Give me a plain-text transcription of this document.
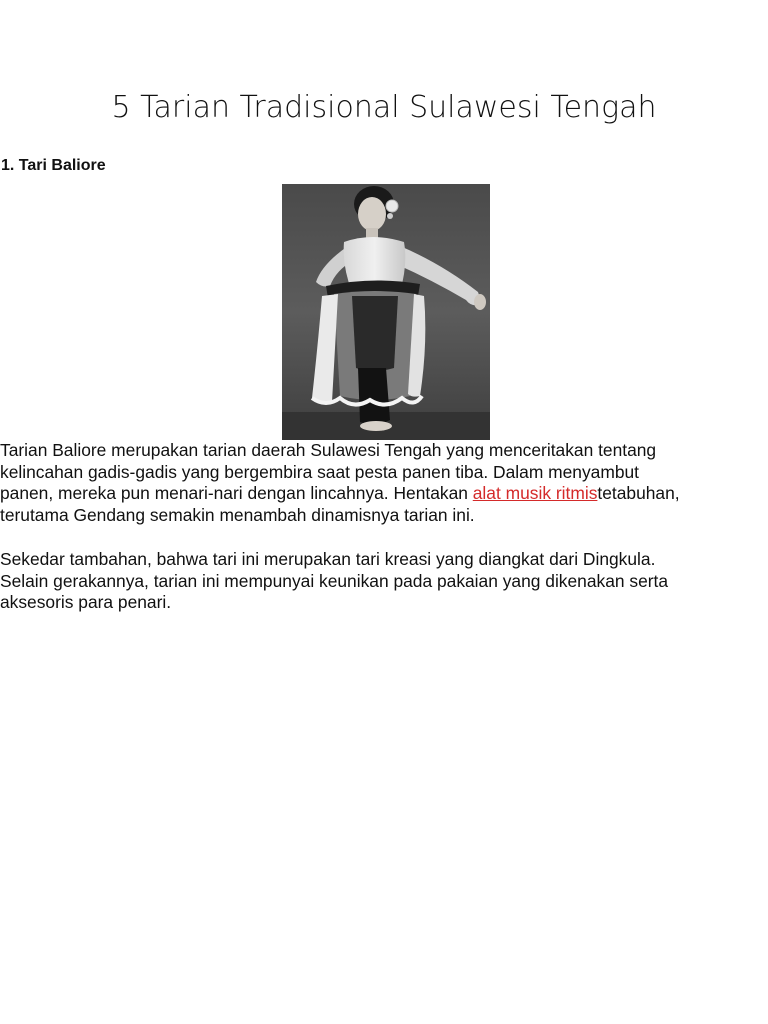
5 Tarian Tradisional Sulawesi Tengah
1. Tari Baliore

Tarian Baliore merupakan tarian daerah Sulawesi Tengah yang menceritakan tentang
kelincahan gadis-gadis yang bergembira saat pesta panen tiba. Dalam menyambut
panen, mereka pun menari-nari dengan lincahnya. Hentakan alat musik ritmistetabuhan,
terutama Gendang semakin menambah dinamisnya tarian ini.

Sekedar tambahan, bahwa tari ini merupakan tari kreasi yang diangkat dari Dingkula.
Selain gerakannya, tarian ini mempunyai keunikan pada pakaian yang dikenakan serta
aksesoris para penari.
